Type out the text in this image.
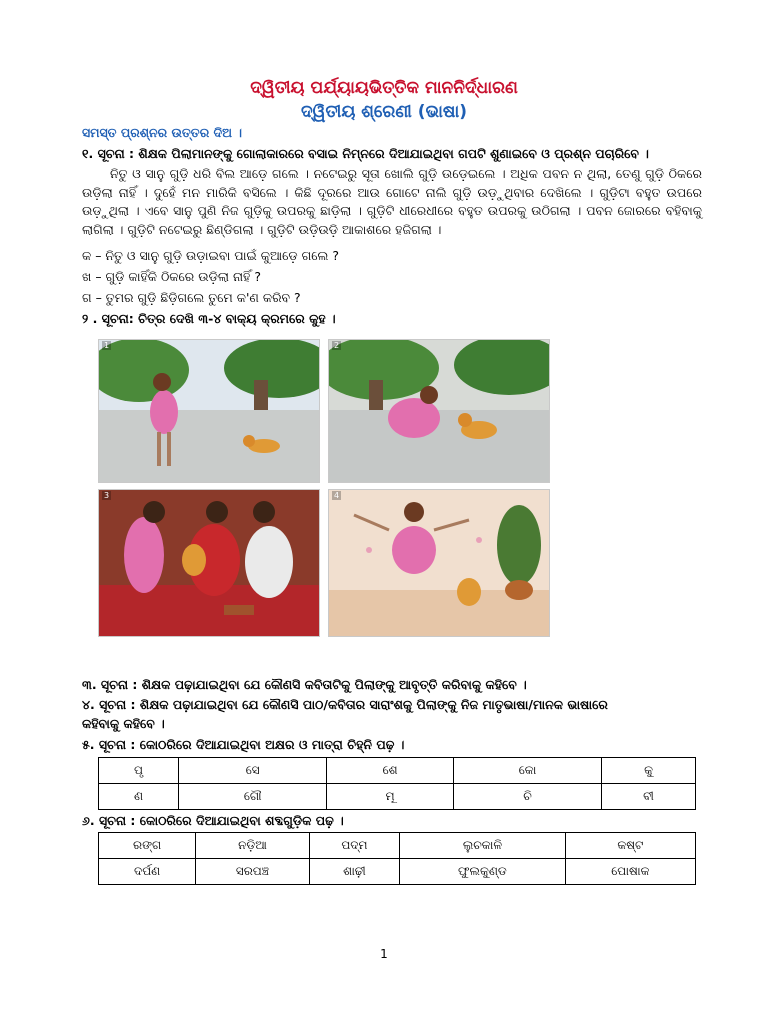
ଦ୍ୱିତୀୟ ପର୍ଯ୍ୟାୟଭିତ୍ତିକ ମାନନିର୍ଦ୍ଧାରଣ
ଦ୍ୱିତୀୟ ଶ୍ରେଣୀ (ଭାଷା)
ସମସ୍ତ ପ୍ରଶ୍ନର ଉତ୍ତର ଦିଅ ।
୧. ସୂଚନା : ଶିକ୍ଷକ ପିଲାମାନଙ୍କୁ ଗୋଲାକାରରେ ବସାଇ ନିମ୍ନରେ ଦିଆଯାଇଥିବା ଗପଟି ଶୁଣାଇବେ ଓ ପ୍ରଶ୍ନ ପଚାରିବେ ।
ନିତୁ ଓ ସାନୁ ଗୁଡ଼ି ଧରି ବିଲ ଆଡ଼େ ଗଲେ । ନଟେଇରୁ ସୂତା ଖୋଲି ଗୁଡ଼ି ଉଡ଼େଇଲେ । ଅଧିକ ପବନ ନ ଥିଲା, ତେଣୁ ଗୁଡ଼ି ଠିକରେ ଉଡ଼ିଲା ନାହିଁ । ଦୁହେଁ ମନ ମାରିକି ବସିଲେ । କିଛି ଦୂରରେ ଆଉ ଗୋଟେ ନାଲି ଗୁଡ଼ି ଉଡ଼ୁଥିବାର ଦେଖିଲେ । ଗୁଡ଼ିଟା ବହୁତ ଉପରେ ଉଡ଼ୁଥିଲା । ଏବେ ସାନୁ ପୁଣି ନିଜ ଗୁଡ଼ିକୁ ଉପରକୁ ଛାଡ଼ିଲା । ଗୁଡ଼ିଟି ଧୀରେଧୀରେ ବହୁତ ଉପରକୁ ଉଠିଗଲା । ପବନ ଜୋରରେ ବହିବାକୁ ଲାଗିଲା । ଗୁଡ଼ିଟି ନଟେଇରୁ ଛିଣ୍ଡିଗଲା । ଗୁଡ଼ିଟି ଉଡ଼ିଉଡ଼ି ଆକାଶରେ ହଜିଗଲା ।
କ – ନିତୁ ଓ ସାନୁ ଗୁଡ଼ି ଉଡ଼ାଇବା ପାଇଁ କୁଆଡ଼େ ଗଲେ ?
ଖ – ଗୁଡ଼ି କାହିଁକି ଠିକରେ ଉଡ଼ିଲା ନାହିଁ ?
ଗ – ତୁମର ଗୁଡ଼ି ଛିଡ଼ିଗଲେ ତୁମେ କ'ଣ କରିବ ?
୨ . ସୂଚନା: ଚିତ୍ର ଦେଖି ୩-୪ ବାକ୍ୟ କ୍ରମରେ କୁହ ।
1	2
3	4
୩. ସୂଚନା : ଶିକ୍ଷକ ପଢ଼ାଯାଇଥିବା ଯେ କୌଣସି କବିତାଟିକୁ ପିଲାଙ୍କୁ ଆବୃତ୍ତି କରିବାକୁ କହିବେ ।
୪. ସୂଚନା : ଶିକ୍ଷକ ପଢ଼ାଯାଇଥିବା ଯେ କୌଣସି ପାଠ/କବିତାର ସାରାଂଶକୁ ପିଲାଙ୍କୁ ନିଜ ମାତୃଭାଷା/ମାନକ ଭାଷାରେ
କହିବାକୁ କହିବେ ।
୫. ସୂଚନା : କୋଠରିରେ ଦିଆଯାଇଥିବା ଅକ୍ଷର ଓ ମାତ୍ରା ଚିହ୍ନି ପଢ଼ ।
ପୃ	ସେ	ଶେ	କୋ	କୁ
ଣ	ଗୌ	ମୂ	ଚି	ବୀ
୬. ସୂଚନା : କୋଠରିରେ ଦିଆଯାଇଥିବା ଶବ୍ଦଗୁଡ଼ିକ ପଢ଼ ।
ରଙ୍ଗ	ନଡ଼ିଆ	ପଦ୍ମ	ଲୁଚକାଳି	କଷ୍ଟ
ଦର୍ପଣ	ସରପଞ୍ଚ	ଶାଢ଼ୀ	ଫୁଲକୁଣ୍ଡ	ପୋଷାକ
1
